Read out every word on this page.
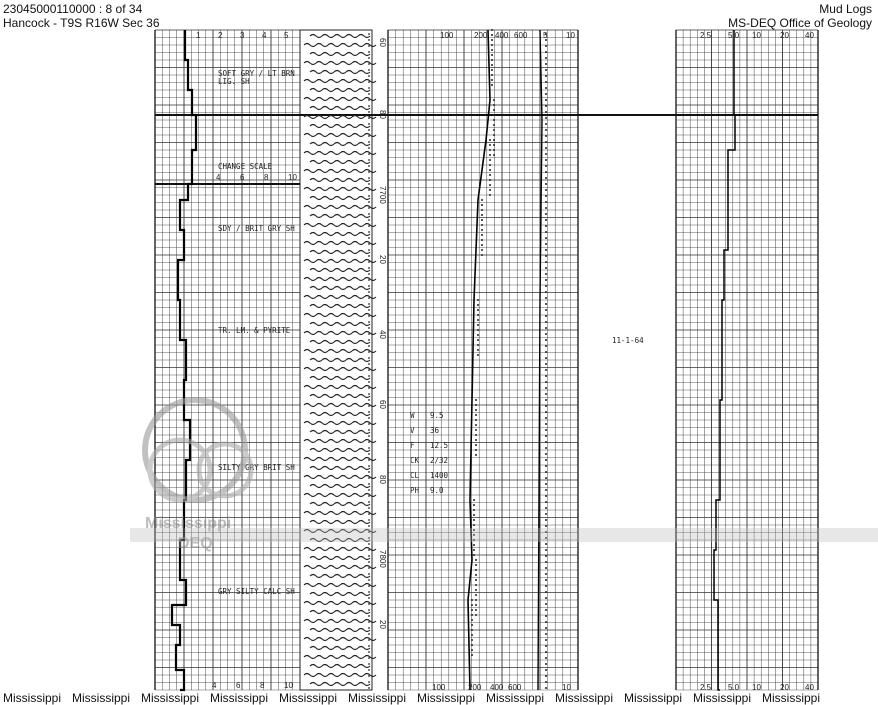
23045000110000 : 8 of 34
Hancock - T9S R16W Sec 36
Mud Logs
MS-DEQ Office of Geology
1 2 3 4 5
CHANGE SCALE
4 6 8 10
4 6 8 10
SOFT GRY / LT BRN
LIG. SH
SDY / BRIT GRY SH
TR. LM. & PYRITE
SILTY GRY BRIT SH
GRY SILTY CALC SH
60
80
7700
20
40
60
80
7800
20
100	200 400 600 5 10
100	200 400 600	10
2.5 5.0 10 20 40
2.5 5.0 10 20 40
11-1-64
W 9.5
V 36
F 12.5
CK 2/32
CL 1400
PH 9.0
Mississippi
DEQ
Mississippi Mississippi Mississippi Mississippi Mississippi Mississippi Mississippi Mississippi Mississippi Mississippi Mississippi Mississippi
